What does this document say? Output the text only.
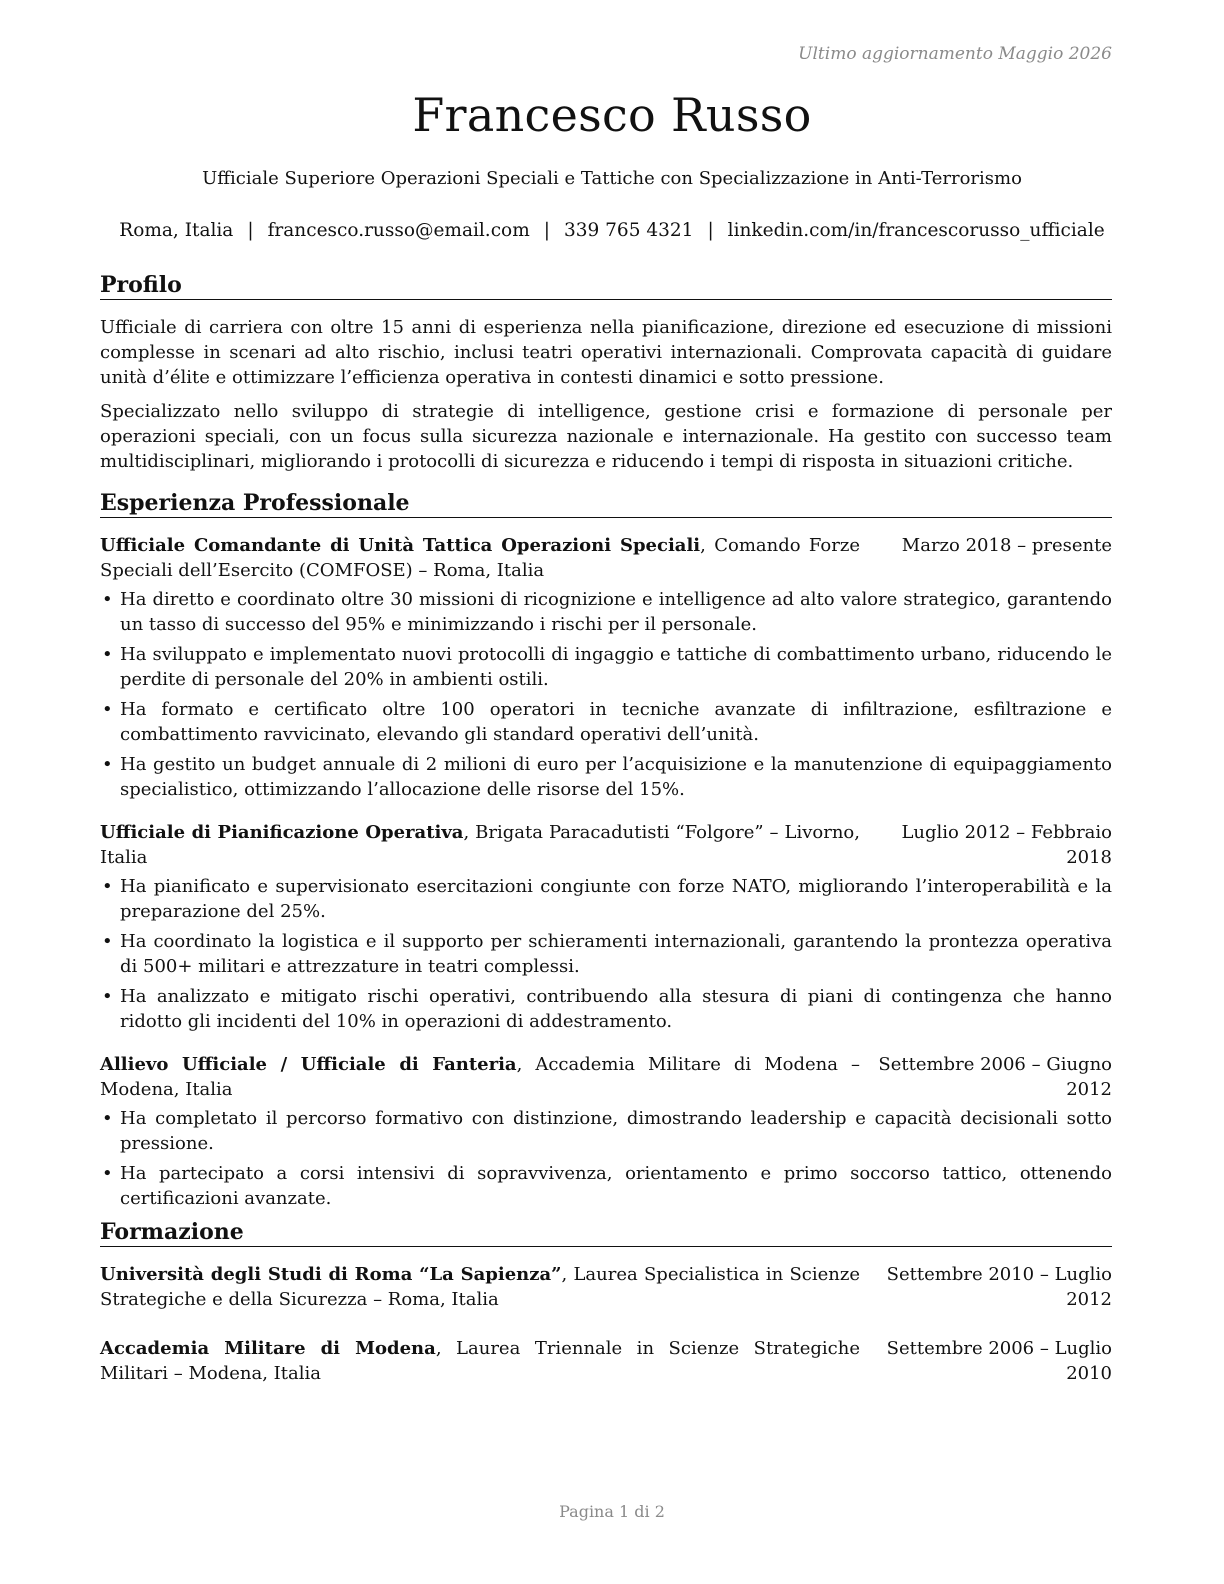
Ultimo aggiornamento Maggio 2026
Francesco Russo
Ufficiale Superiore Operazioni Speciali e Tattiche con Specializzazione in Anti-Terrorismo
Roma, Italia | francesco.russo@email.com | 339 765 4321 | linkedin.com/in/francescorusso_ufficiale
Profilo

Ufficiale di carriera con oltre 15 anni di esperienza nella pianificazione, direzione ed esecuzione di missioni complesse in scenari ad alto rischio, inclusi teatri operativi internazionali. Comprovata capacità di guidare unità d’élite e ottimizzare l’efficienza operativa in contesti dinamici e sotto pressione.

Specializzato nello sviluppo di strategie di intelligence, gestione crisi e formazione di personale per operazioni speciali, con un focus sulla sicurezza nazionale e internazionale. Ha gestito con successo team multidisciplinari, migliorando i protocolli di sicurezza e riducendo i tempi di risposta in situazioni critiche.

Esperienza Professionale
Ufficiale Comandante di Unità Tattica Operazioni Speciali, Comando Forze Speciali dell’Esercito (COMFOSE) – Roma, Italia
Marzo 2018 – presente
• Ha diretto e coordinato oltre 30 missioni di ricognizione e intelligence ad alto valore strategico, garantendo un tasso di successo del 95% e minimizzando i rischi per il personale.
• Ha sviluppato e implementato nuovi protocolli di ingaggio e tattiche di combattimento urbano, riducendo le perdite di personale del 20% in ambienti ostili.
• Ha formato e certificato oltre 100 operatori in tecniche avanzate di infiltrazione, esfiltrazione e combattimento ravvicinato, elevando gli standard operativi dell’unità.
• Ha gestito un budget annuale di 2 milioni di euro per l’acquisizione e la manutenzione di equipaggiamento specialistico, ottimizzando l’allocazione delle risorse del 15%.
Ufficiale di Pianificazione Operativa, Brigata Paracadutisti “Folgore” – Livorno, Italia
Luglio 2012 – Febbraio 2018
• Ha pianificato e supervisionato esercitazioni congiunte con forze NATO, migliorando l’interoperabilità e la preparazione del 25%.
• Ha coordinato la logistica e il supporto per schieramenti internazionali, garantendo la prontezza operativa di 500+ militari e attrezzature in teatri complessi.
• Ha analizzato e mitigato rischi operativi, contribuendo alla stesura di piani di contingenza che hanno ridotto gli incidenti del 10% in operazioni di addestramento.
Allievo Ufficiale / Ufficiale di Fanteria, Accademia Militare di Modena – Modena, Italia
Settembre 2006 – Giugno 2012
• Ha completato il percorso formativo con distinzione, dimostrando leadership e capacità decisionali sotto pressione.
• Ha partecipato a corsi intensivi di sopravvivenza, orientamento e primo soccorso tattico, ottenendo certificazioni avanzate.
Formazione
Università degli Studi di Roma “La Sapienza”, Laurea Specialistica in Scienze Strategiche e della Sicurezza – Roma, Italia
Settembre 2010 – Luglio 2012
Accademia Militare di Modena, Laurea Triennale in Scienze Strategiche Militari – Modena, Italia
Settembre 2006 – Luglio 2010
Pagina 1 di 2
